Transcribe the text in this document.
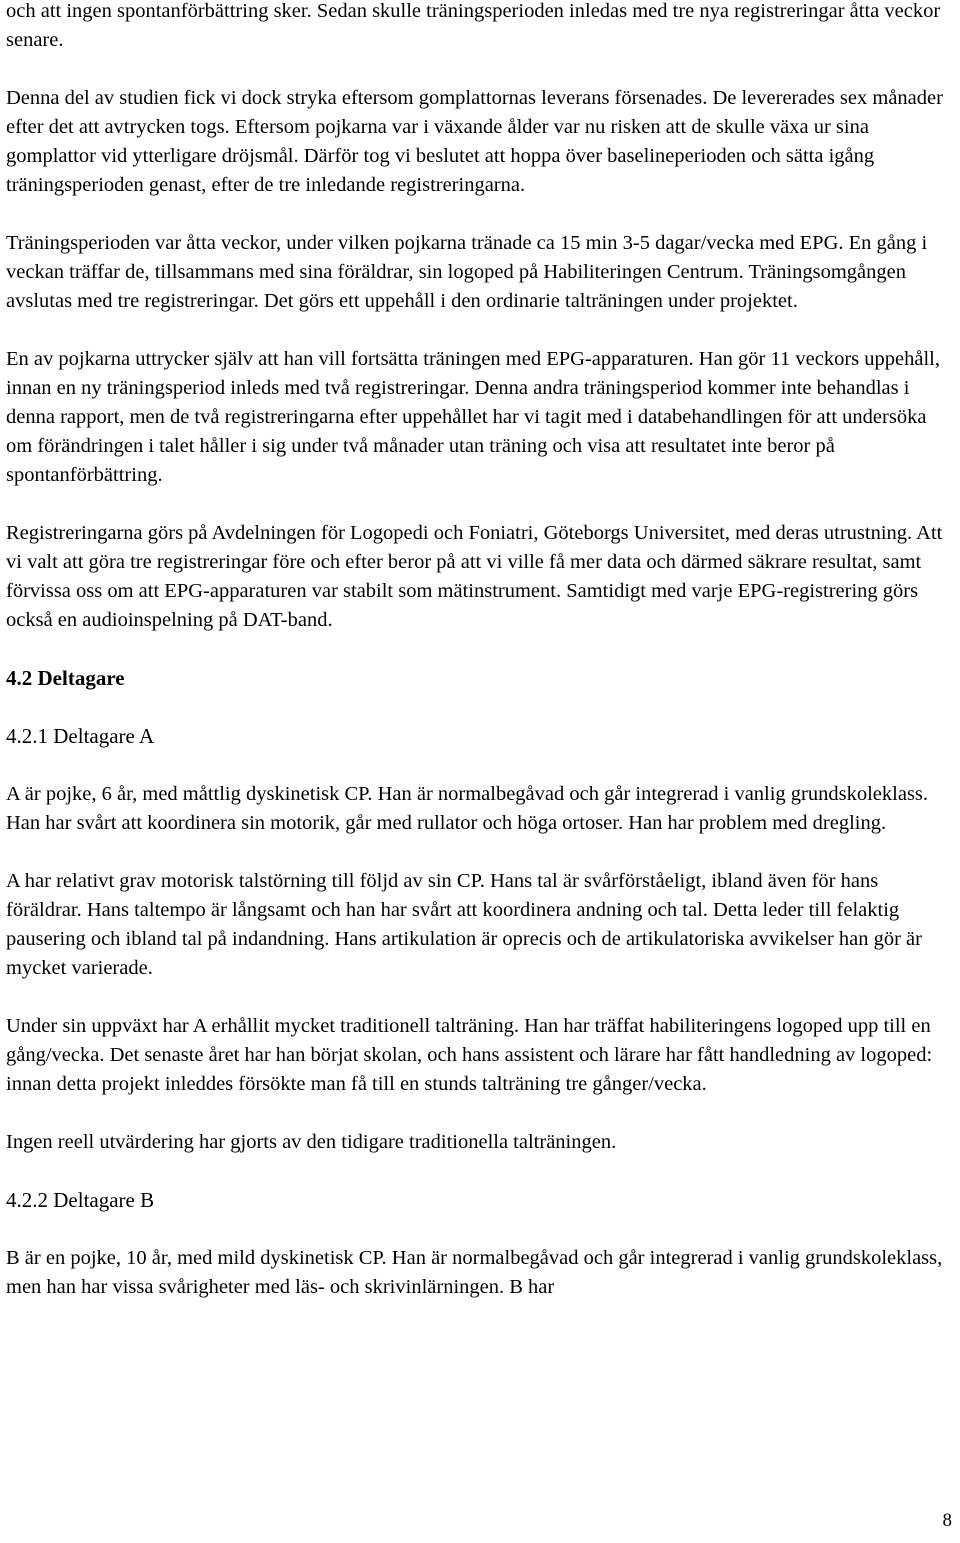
och att ingen spontanförbättring sker. Sedan skulle träningsperioden inledas med tre nya registreringar åtta veckor senare.

Denna del av studien fick vi dock stryka eftersom gomplattornas leverans försenades. De levererades sex månader efter det att avtrycken togs. Eftersom pojkarna var i växande ålder var nu risken att de skulle växa ur sina gomplattor vid ytterligare dröjsmål. Därför tog vi beslutet att hoppa över baselineperioden och sätta igång träningsperioden genast, efter de tre inledande registreringarna.

Träningsperioden var åtta veckor, under vilken pojkarna tränade ca 15 min 3-5 dagar/vecka med EPG. En gång i veckan träffar de, tillsammans med sina föräldrar, sin logoped på Habiliteringen Centrum. Träningsomgången avslutas med tre registreringar. Det görs ett uppehåll i den ordinarie talträningen under projektet.

En av pojkarna uttrycker själv att han vill fortsätta träningen med EPG-apparaturen. Han gör 11 veckors uppehåll, innan en ny träningsperiod inleds med två registreringar. Denna andra träningsperiod kommer inte behandlas i denna rapport, men de två registreringarna efter uppehållet har vi tagit med i databehandlingen för att undersöka om förändringen i talet håller i sig under två månader utan träning och visa att resultatet inte beror på spontanförbättring.

Registreringarna görs på Avdelningen för Logopedi och Foniatri, Göteborgs Universitet, med deras utrustning. Att vi valt att göra tre registreringar före och efter beror på att vi ville få mer data och därmed säkrare resultat, samt förvissa oss om att EPG-apparaturen var stabilt som mätinstrument. Samtidigt med varje EPG-registrering görs också en audioinspelning på DAT-band.

4.2 Deltagare
4.2.1 Deltagare A

A är pojke, 6 år, med måttlig dyskinetisk CP. Han är normalbegåvad och går integrerad i vanlig grundskoleklass. Han har svårt att koordinera sin motorik, går med rullator och höga ortoser. Han har problem med dregling.

A har relativt grav motorisk talstörning till följd av sin CP. Hans tal är svårförståeligt, ibland även för hans föräldrar. Hans taltempo är långsamt och han har svårt att koordinera andning och tal. Detta leder till felaktig pausering och ibland tal på indandning. Hans artikulation är oprecis och de artikulatoriska avvikelser han gör är mycket varierade.

Under sin uppväxt har A erhållit mycket traditionell talträning. Han har träffat habiliteringens logoped upp till en gång/vecka. Det senaste året har han börjat skolan, och hans assistent och lärare har fått handledning av logoped: innan detta projekt inleddes försökte man få till en stunds talträning tre gånger/vecka.

Ingen reell utvärdering har gjorts av den tidigare traditionella talträningen.

4.2.2 Deltagare B

B är en pojke, 10 år, med mild dyskinetisk CP. Han är normalbegåvad och går integrerad i vanlig grundskoleklass, men han har vissa svårigheter med läs- och skrivinlärningen. B har

8
